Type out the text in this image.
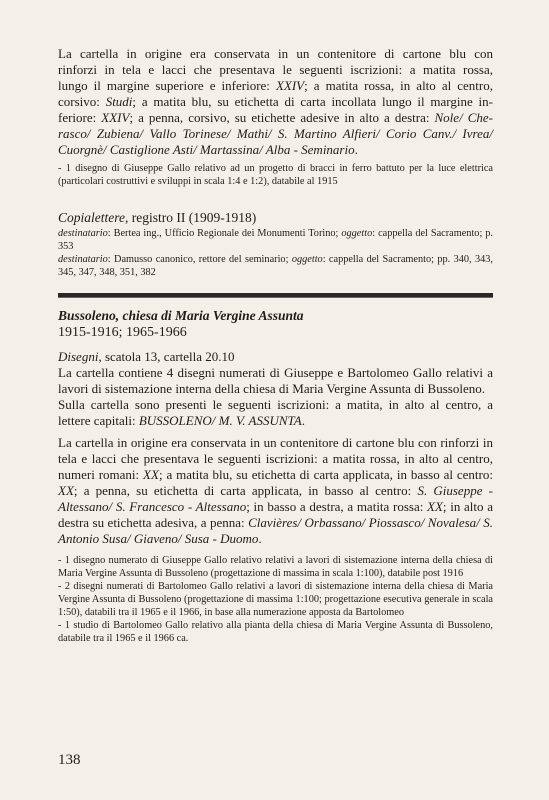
La cartella in origine era conservata in un contenitore di cartone blu con
rinforzi in tela e lacci che presentava le seguenti iscrizioni: a matita rossa,
lungo il margine superiore e inferiore: XXIV; a matita rossa, in alto al centro,
corsivo: Studi; a matita blu, su etichetta di carta incollata lungo il margine in-
feriore: XXIV; a penna, corsivo, su etichette adesive in alto a destra: Nole/ Che-
rasco/ Zubiena/ Vallo Torinese/ Mathi/ S. Martino Alfieri/ Corio Canv./ Ivrea/
Cuorgnè/ Castiglione Asti/ Martassina/ Alba - Seminario.

- 1 disegno di Giuseppe Gallo relativo ad un progetto di bracci in ferro battuto per la luce elettrica (particolari costruttivi e sviluppi in scala 1:4 e 1:2), databile al 1915

Copialettere, registro II (1909-1918)

destinatario: Bertea ing., Ufficio Regionale dei Monumenti Torino; oggetto: cappella del Sacramento; p. 353

destinatario: Damusso canonico, rettore del seminario; oggetto: cappella del Sacramento; pp. 340, 343, 345, 347, 348, 351, 382

Bussoleno, chiesa di Maria Vergine Assunta

1915-1916; 1965-1966

Disegni, scatola 13, cartella 20.10

La cartella contiene 4 disegni numerati di Giuseppe e Bartolomeo Gallo relativi a lavori di sistemazione interna della chiesa di Maria Vergine Assunta di Bussoleno.

Sulla cartella sono presenti le seguenti iscrizioni: a matita, in alto al centro, a lettere capitali: BUSSOLENO/ M. V. ASSUNTA.

La cartella in origine era conservata in un contenitore di cartone blu con rinforzi in tela e lacci che presentava le seguenti iscrizioni: a matita rossa, in alto al centro, numeri romani: XX; a matita blu, su etichetta di carta applicata, in basso al centro: XX; a penna, su etichetta di carta applicata, in basso al centro: S. Giuseppe - Altessano/ S. Francesco - Altessano; in basso a destra, a matita rossa: XX; in alto a destra su etichetta adesiva, a penna: Clavières/ Orbassano/ Piossasco/ Novalesa/ S. Antonio Susa/ Giaveno/ Susa - Duomo.

- 1 disegno numerato di Giuseppe Gallo relativo relativi a lavori di sistemazione interna della chiesa di Maria Vergine Assunta di Bussoleno (progettazione di massima in scala 1:100), databile post 1916

- 2 disegni numerati di Bartolomeo Gallo relativi a lavori di sistemazione interna della chiesa di Maria Vergine Assunta di Bussoleno (progettazione di massima 1:100; progettazione esecutiva generale in scala 1:50), databili tra il 1965 e il 1966, in base alla numerazione apposta da Bartolomeo

- 1 studio di Bartolomeo Gallo relativo alla pianta della chiesa di Maria Vergine Assunta di Bussoleno, databile tra il 1965 e il 1966 ca.

138
